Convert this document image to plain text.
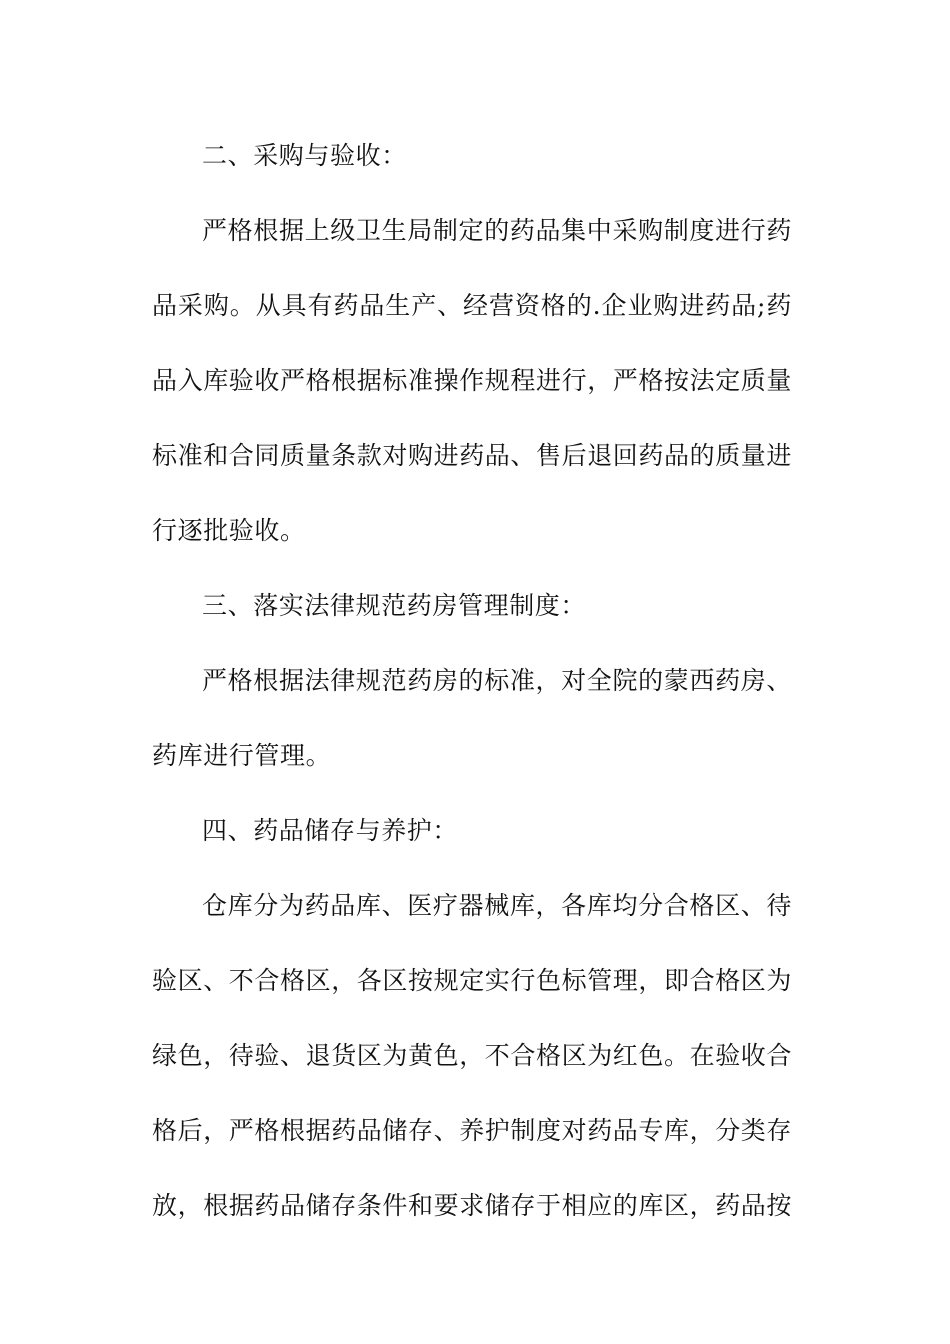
二、采购与验收：

严格根据上级卫生局制定的药品集中采购制度进行药品采购。从具有药品生产、经营资格的.企业购进药品;药品入库验收严格根据标准操作规程进行，严格按法定质量标准和合同质量条款对购进药品、售后退回药品的质量进行逐批验收。

三、落实法律规范药房管理制度：

严格根据法律规范药房的标准，对全院的蒙西药房、药库进行管理。

四、药品储存与养护：

仓库分为药品库、医疗器械库，各库均分合格区、待验区、不合格区，各区按规定实行色标管理，即合格区为绿色，待验、退货区为黄色，不合格区为红色。在验收合格后，严格根据药品储存、养护制度对药品专库，分类存放，根据药品储存条件和要求储存于相应的库区，药品按
